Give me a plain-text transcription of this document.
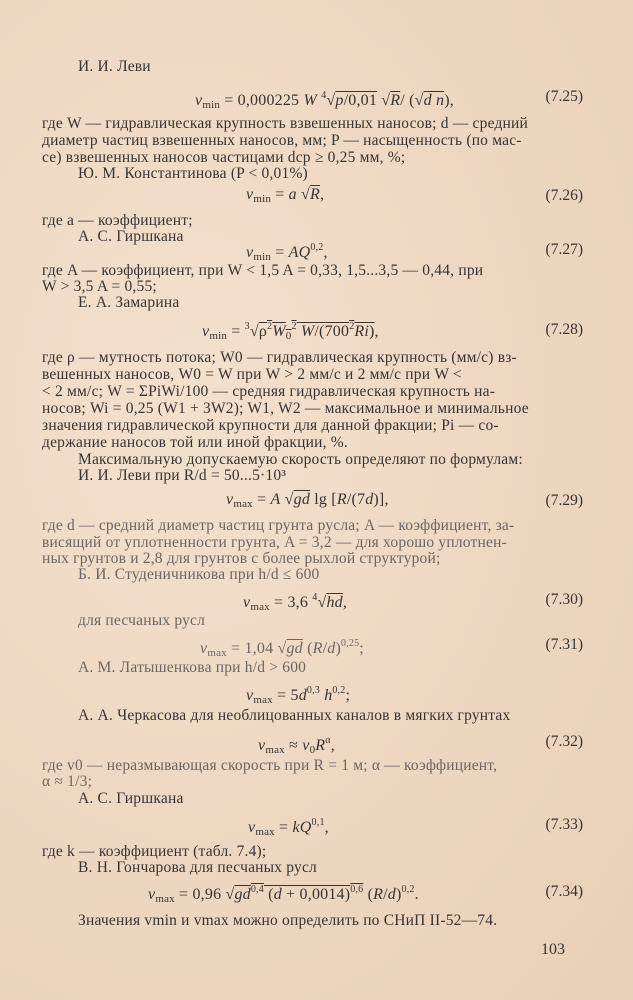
И. И. Леви
$v_{min} = 0,000225$ W $^4$√p/0,01 √R/ (√d n),	(7.25)
где W — гидравлическая крупность взвешенных наносов; d — средний
диаметр частиц взвешенных наносов, мм; P — насыщенность (по мас-
се) взвешенных наносов частицами dср ≥ 0,25 мм, %;
Ю. М. Константинова (P < 0,01%)
$v_{min} = a$ √R,	(7.26)
где a — коэффициент;
А. С. Гиршкана
$v_{min} = AQ^{0,2}$,	(7.27)
где A — коэффициент, при W < 1,5 A = 0,33, 1,5...3,5 — 0,44, при
W > 3,5 A = 0,55;
Е. А. Замарина
$v_{min} = ^3√\rho^2W_0^2$ $W/(700^2Ri)$,	(7.28)
где ρ — мутность потока; W0 — гидравлическая крупность (мм/с) вз-
вешенных наносов, W0 = W при W > 2 мм/с и 2 мм/с при W <
< 2 мм/с; W = ΣPiWi/100 — средняя гидравлическая крупность на-
носов; Wi = 0,25 (W1 + 3W2); W1, W2 — максимальное и минимальное
значения гидравлической крупности для данной фракции; Pi — со-
держание наносов той или иной фракции, %.
Максимальную допускаемую скорость определяют по формулам:
И. И. Леви при R/d = 50...5·10³
$v_{max} = A$ √gd lg [R/(7d)],	(7.29)
где d — средний диаметр частиц грунта русла; A — коэффициент, за-
висящий от уплотненности грунта, A = 3,2 — для хорошо уплотнен-
ных грунтов и 2,8 для грунтов с более рыхлой структурой;
Б. И. Студеничникова при h/d ≤ 600
$v_{max} = 3,6$ $^4$√hd,	(7.30)
для песчаных русл
$v_{max} = 1,04$ √gd $(R/d)^{0,25}$;	(7.31)
А. М. Латышенкова при h/d > 600
$v_{max} = 5d^{0,3}$ $h^{0,2}$;
А. А. Черкасова для необлицованных каналов в мягких грунтах
$v_{max} \approx v_0R^\alpha$,	(7.32)
где v0 — неразмывающая скорость при R = 1 м; α — коэффициент,
α ≈ 1/3;
А. С. Гиршкана
$v_{max} = kQ^{0,1}$,	(7.33)
где k — коэффициент (табл. 7.4);
В. Н. Гончарова для песчаных русл
$v_{max} = 0,96$ √gd$^{0,4}$ $(d + 0,0014)^{0,6}$ $(R/d)^{0,2}$.	(7.34)
Значения vmin и vmax можно определить по СНиП II-52—74.
103
